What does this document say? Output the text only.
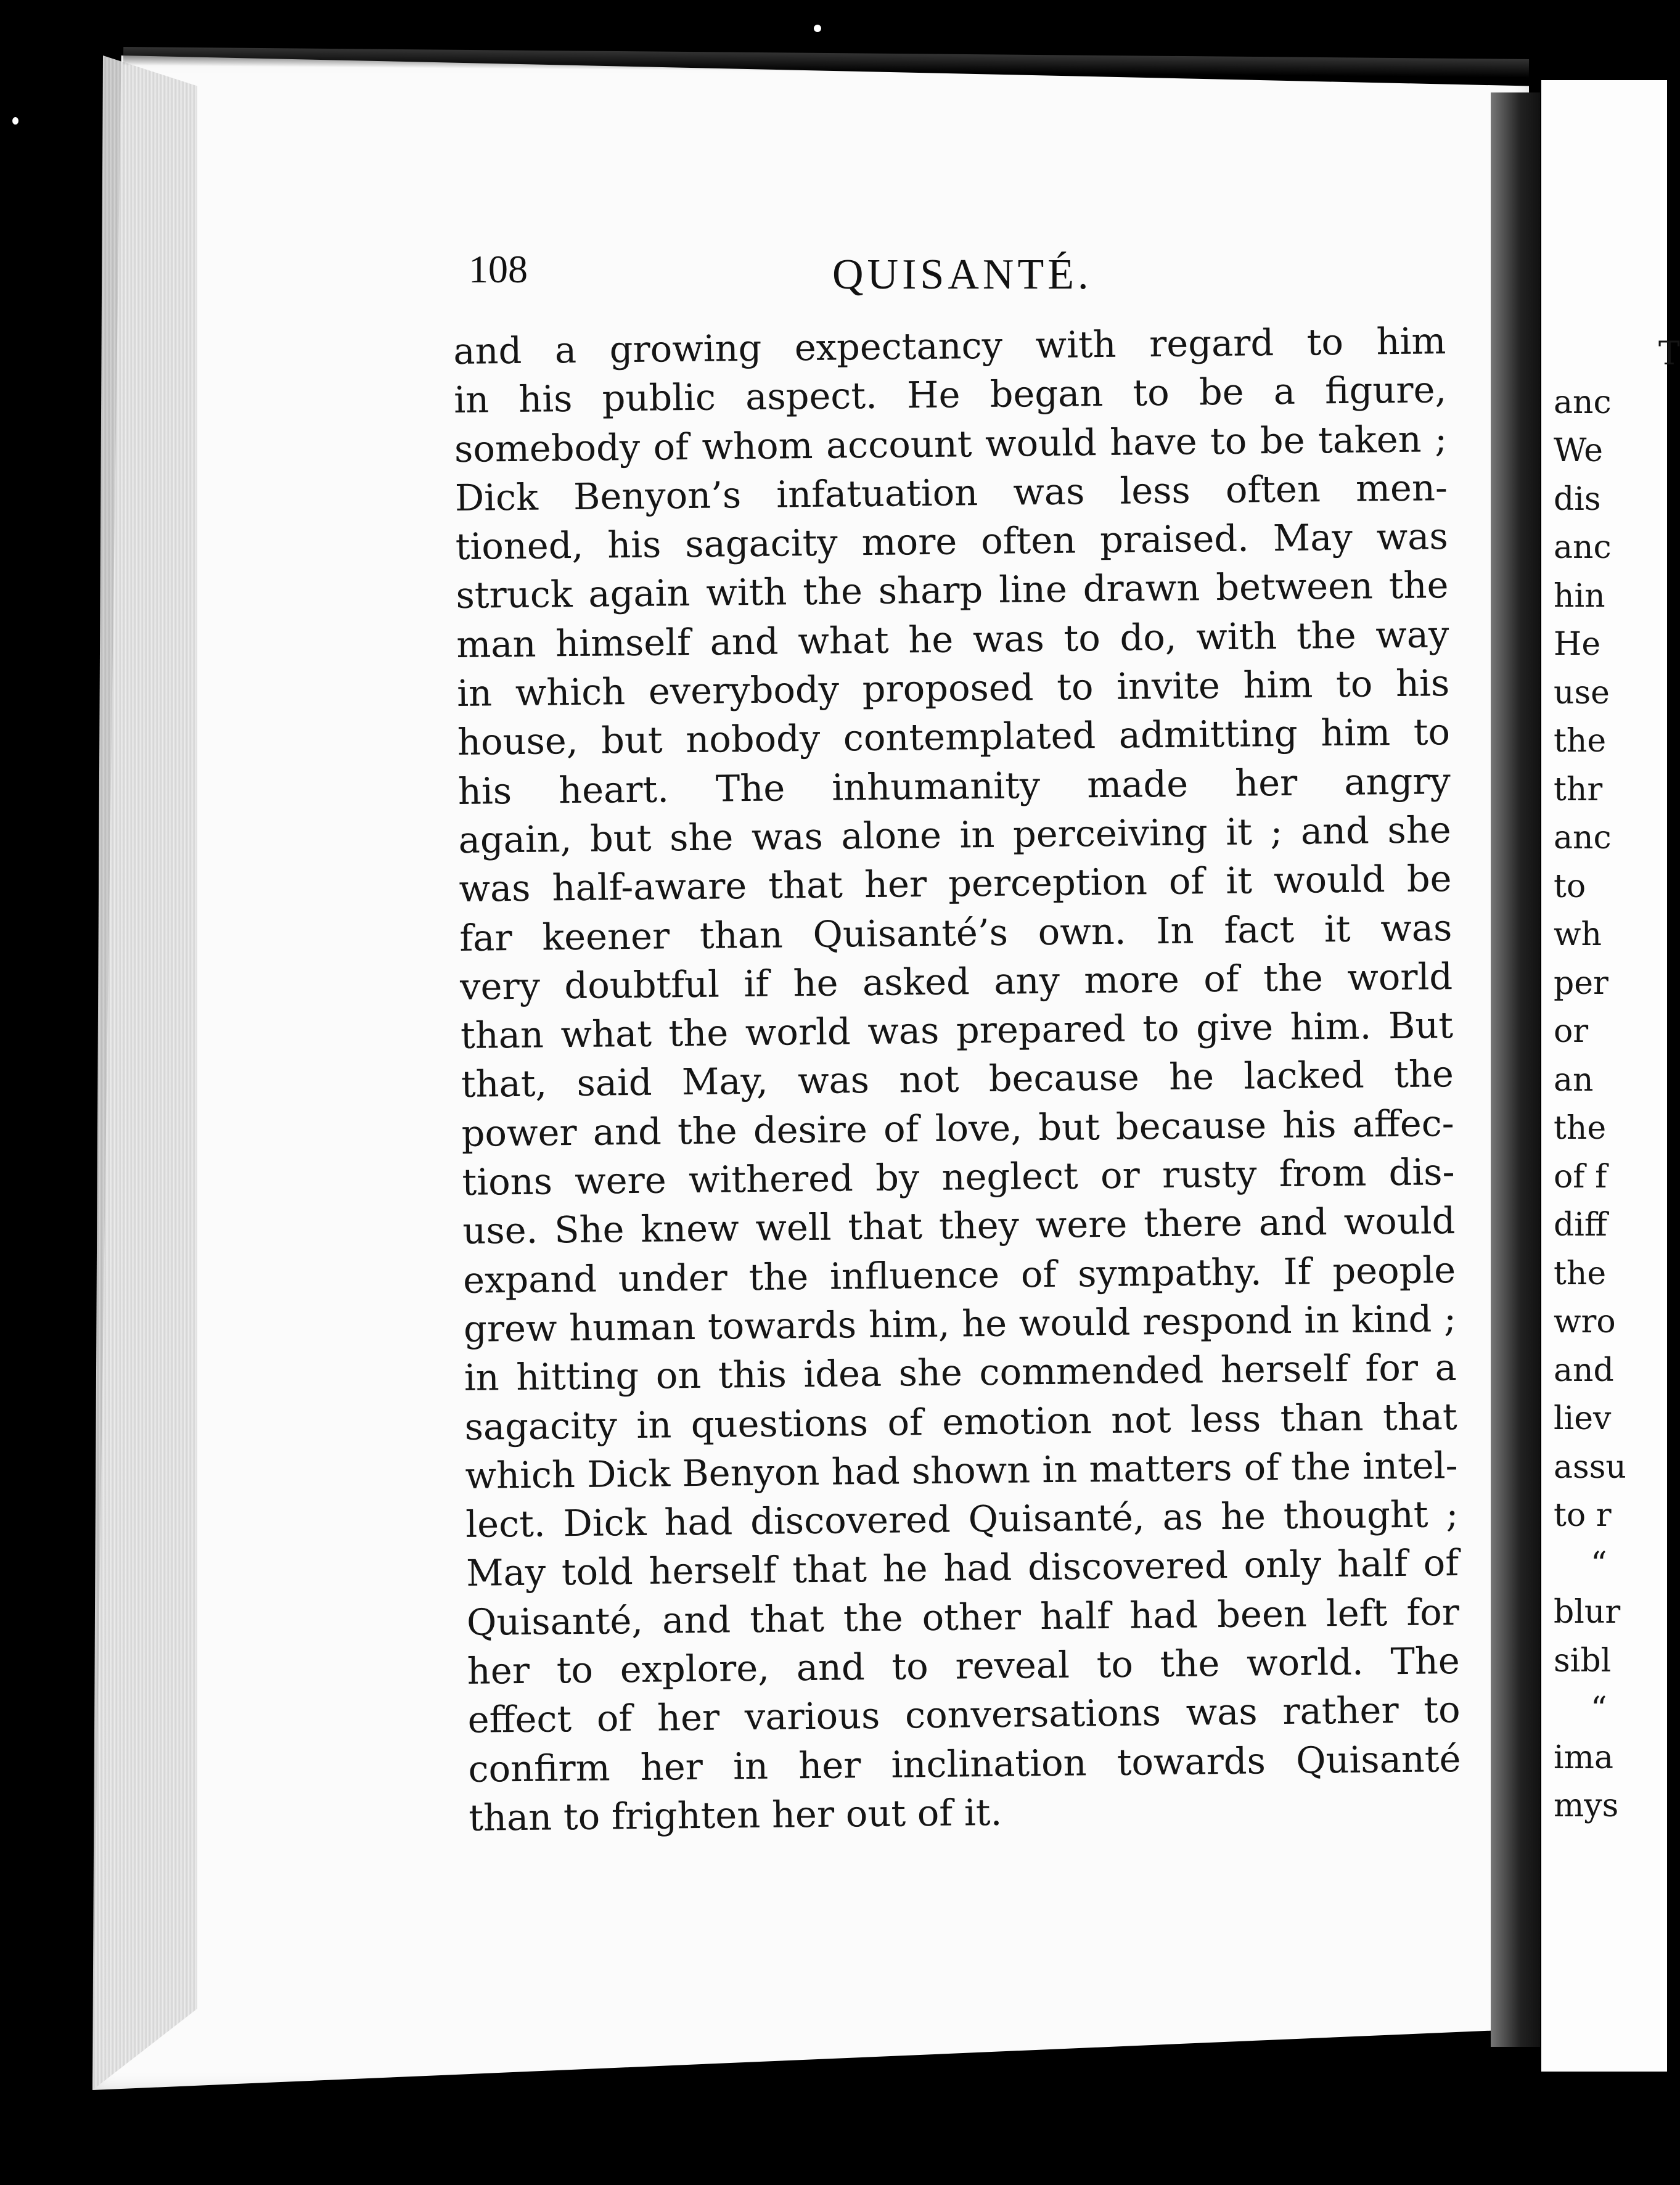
108	QUISANTÉ.
and a growing expectancy with regard to him
in his public aspect. He began to be a figure,
somebody of whom account would have to be taken ;
Dick Benyon’s infatuation was less often men-
tioned, his sagacity more often praised. May was
struck again with the sharp line drawn between the
man himself and what he was to do, with the way
in which everybody proposed to invite him to his
house, but nobody contemplated admitting him to
his heart. The inhumanity made her angry
again, but she was alone in perceiving it ; and she
was half-aware that her perception of it would be
far keener than Quisanté’s own. In fact it was
very doubtful if he asked any more of the world
than what the world was prepared to give him. But
that, said May, was not because he lacked the
power and the desire of love, but because his affec-
tions were withered by neglect or rusty from dis-
use. She knew well that they were there and would
expand under the influence of sympathy. If people
grew human towards him, he would respond in kind ;
in hitting on this idea she commended herself for a
sagacity in questions of emotion not less than that
which Dick Benyon had shown in matters of the intel-
lect. Dick had discovered Quisanté, as he thought ;
May told herself that he had discovered only half of
Quisanté, and that the other half had been left for
her to explore, and to reveal to the world. The
effect of her various conversations was rather to
confirm her in her inclination towards Quisanté
than to frighten her out of it.
T
anc
We
dis
anc
hin
He
use
the
thr
anc
to
wh
per
or
an
the
of f
diff
the
wro
and
liev
assu
to r
“
blur
sibl
“
ima
mys
